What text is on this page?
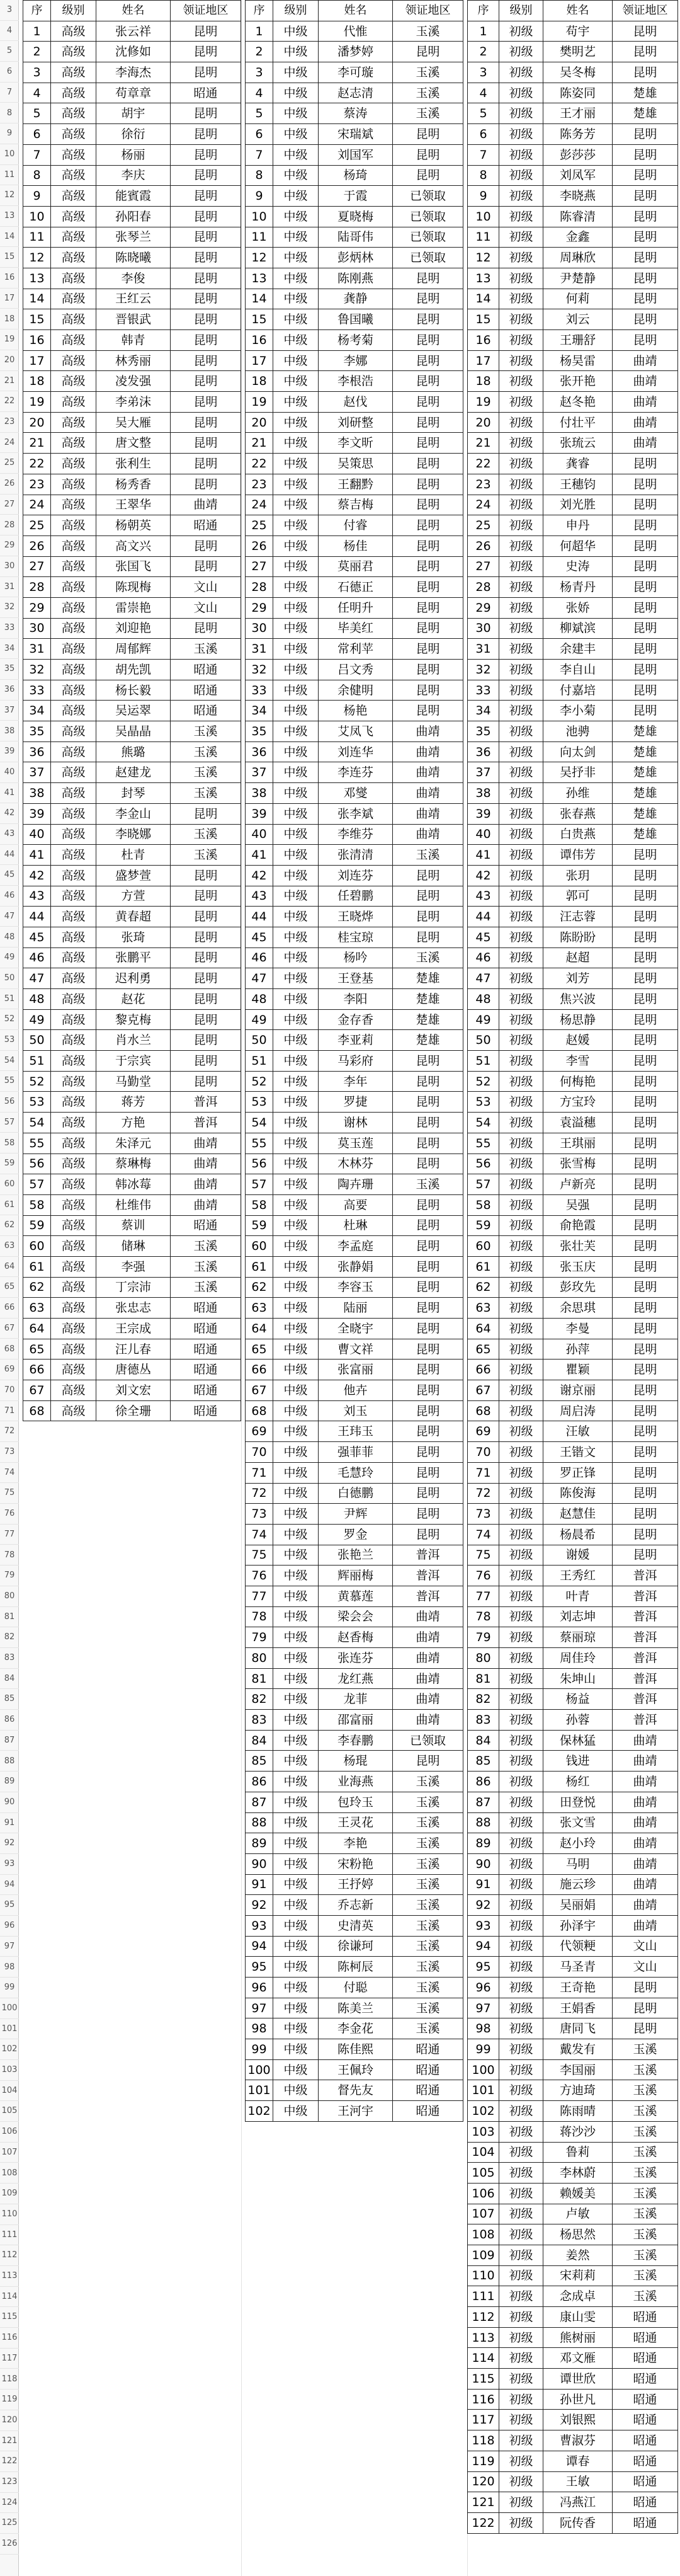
3
4
5
6
7
8
9
10
11
12
13
14
15
16
17
18
19
20
21
22
23
24
25
26
27
28
29
30
31
32
33
34
35
36
37
38
39
40
41
42
43
44
45
46
47
48
49
50
51
52
53
54
55
56
57
58
59
60
61
62
63
64
65
66
67
68
69
70
71
72
73
74
75
76
77
78
79
80
81
82
83
84
85
86
87
88
89
90
91
92
93
94
95
96
97
98
99
100
101
102
103
104
105
106
107
108
109
110
111
112
113
114
115
116
117
118
119
120
121
122
123
124
125
126
序	级别	姓名	领证地区
1	高级	张云祥	昆明
2	高级	沈修如	昆明
3	高级	李海杰	昆明
4	高级	苟章章	昭通
5	高级	胡宇	昆明
6	高级	徐衍	昆明
7	高级	杨丽	昆明
8	高级	李庆	昆明
9	高级	能賓霞	昆明
10	高级	孙阳春	昆明
11	高级	张琴兰	昆明
12	高级	陈晓曦	昆明
13	高级	李俊	昆明
14	高级	王红云	昆明
15	高级	晋银武	昆明
16	高级	韩青	昆明
17	高级	林秀丽	昆明
18	高级	凌发强	昆明
19	高级	李弟沫	昆明
20	高级	吴大雁	昆明
21	高级	唐文整	昆明
22	高级	张利生	昆明
23	高级	杨秀香	昆明
24	高级	王翠华	曲靖
25	高级	杨朝英	昭通
26	高级	高文兴	昆明
27	高级	张国飞	昆明
28	高级	陈现梅	文山
29	高级	雷崇艳	文山
30	高级	刘迎艳	昆明
31	高级	周郁辉	玉溪
32	高级	胡先凯	昭通
33	高级	杨长毅	昭通
34	高级	吴运翠	昭通
35	高级	吴晶晶	玉溪
36	高级	熊璐	玉溪
37	高级	赵建龙	玉溪
38	高级	封琴	玉溪
39	高级	李金山	昆明
40	高级	李晓娜	玉溪
41	高级	杜青	玉溪
42	高级	盛梦萱	昆明
43	高级	方萱	昆明
44	高级	黄春超	昆明
45	高级	张琦	昆明
46	高级	张鹏平	昆明
47	高级	迟利勇	昆明
48	高级	赵花	昆明
49	高级	黎克梅	昆明
50	高级	肖水兰	昆明
51	高级	于宗宾	昆明
52	高级	马勤堂	昆明
53	高级	蒋芳	普洱
54	高级	方艳	普洱
55	高级	朱泽元	曲靖
56	高级	蔡琳梅	曲靖
57	高级	韩冰莓	曲靖
58	高级	杜维伟	曲靖
59	高级	蔡训	昭通
60	高级	储琳	玉溪
61	高级	李强	玉溪
62	高级	丁宗沛	玉溪
63	高级	张忠志	昭通
64	高级	王宗成	昭通
65	高级	汪儿春	昭通
66	高级	唐德丛	昭通
67	高级	刘文宏	昭通
68	高级	徐全珊	昭通
序	级别	姓名	领证地区
1	中级	代惟	玉溪
2	中级	潘梦婷	昆明
3	中级	李可璇	玉溪
4	中级	赵志清	玉溪
5	中级	蔡涛	玉溪
6	中级	宋瑞斌	昆明
7	中级	刘国军	昆明
8	中级	杨琦	昆明
9	中级	于霞	已领取
10	中级	夏晓梅	已领取
11	中级	陆哥伟	已领取
12	中级	彭炳林	已领取
13	中级	陈刚燕	昆明
14	中级	龚静	昆明
15	中级	鲁国曦	昆明
16	中级	杨考菊	昆明
17	中级	李娜	昆明
18	中级	李根浩	昆明
19	中级	赵伐	昆明
20	中级	刘研整	昆明
21	中级	李文昕	昆明
22	中级	吴策思	昆明
23	中级	王翻黔	昆明
24	中级	蔡吉梅	昆明
25	中级	付睿	昆明
26	中级	杨佳	昆明
27	中级	莫丽君	昆明
28	中级	石德正	昆明
29	中级	任明升	昆明
30	中级	毕美红	昆明
31	中级	常利苹	昆明
32	中级	吕文秀	昆明
33	中级	余健明	昆明
34	中级	杨艳	昆明
35	中级	艾凤飞	曲靖
36	中级	刘连华	曲靖
37	中级	李连芬	曲靖
38	中级	邓燮	曲靖
39	中级	张李斌	曲靖
40	中级	李维芬	曲靖
41	中级	张清清	玉溪
42	中级	刘连芬	昆明
43	中级	任碧鹏	昆明
44	中级	王晓烨	昆明
45	中级	桂宝琼	昆明
46	中级	杨吟	玉溪
47	中级	王登基	楚雄
48	中级	李阳	楚雄
49	中级	金存香	楚雄
50	中级	李亚莉	楚雄
51	中级	马彩府	昆明
52	中级	李年	昆明
53	中级	罗捷	昆明
54	中级	谢林	昆明
55	中级	莫玉莲	昆明
56	中级	木林芬	昆明
57	中级	陶卉珊	玉溪
58	中级	高要	昆明
59	中级	杜琳	昆明
60	中级	李孟庭	昆明
61	中级	张静娟	昆明
62	中级	李容玉	昆明
63	中级	陆丽	昆明
64	中级	全晓宇	昆明
65	中级	曹文祥	昆明
66	中级	张富丽	昆明
67	中级	他卉	昆明
68	中级	刘玉	昆明
69	中级	王玮玉	昆明
70	中级	强菲菲	昆明
71	中级	毛慧玲	昆明
72	中级	白德鹏	昆明
73	中级	尹辉	昆明
74	中级	罗金	昆明
75	中级	张艳兰	普洱
76	中级	辉丽梅	普洱
77	中级	黄慕莲	普洱
78	中级	梁会会	曲靖
79	中级	赵香梅	曲靖
80	中级	张连芬	曲靖
81	中级	龙红燕	曲靖
82	中级	龙菲	曲靖
83	中级	邵富丽	曲靖
84	中级	李春鹏	已领取
85	中级	杨琨	昆明
86	中级	业海燕	玉溪
87	中级	包玲玉	玉溪
88	中级	王灵花	玉溪
89	中级	李艳	玉溪
90	中级	宋粉艳	玉溪
91	中级	王抒婷	玉溪
92	中级	乔志新	玉溪
93	中级	史清英	玉溪
94	中级	徐谦珂	玉溪
95	中级	陈柯辰	玉溪
96	中级	付聪	玉溪
97	中级	陈美兰	玉溪
98	中级	李金花	玉溪
99	中级	陈佳熙	昭通
100	中级	王佩玲	昭通
101	中级	督先友	昭通
102	中级	王河宇	昭通
序	级别	姓名	领证地区
1	初级	苟宇	昆明
2	初级	樊明艺	昆明
3	初级	吴冬梅	昆明
4	初级	陈姿同	楚雄
5	初级	王才丽	楚雄
6	初级	陈务芳	昆明
7	初级	彭莎莎	昆明
8	初级	刘凤军	昆明
9	初级	李晓燕	昆明
10	初级	陈睿清	昆明
11	初级	金鑫	昆明
12	初级	周琳欣	昆明
13	初级	尹楚静	昆明
14	初级	何莉	昆明
15	初级	刘云	昆明
16	初级	王珊舒	昆明
17	初级	杨昊雷	曲靖
18	初级	张开艳	曲靖
19	初级	赵冬艳	曲靖
20	初级	付壮平	曲靖
21	初级	张琉云	曲靖
22	初级	龚睿	昆明
23	初级	王穗钧	昆明
24	初级	刘光胜	昆明
25	初级	申丹	昆明
26	初级	何超华	昆明
27	初级	史涛	昆明
28	初级	杨青丹	昆明
29	初级	张娇	昆明
30	初级	柳斌滨	昆明
31	初级	余建丰	昆明
32	初级	李自山	昆明
33	初级	付嘉培	昆明
34	初级	李小菊	昆明
35	初级	池骋	楚雄
36	初级	向太剑	楚雄
37	初级	吴抒非	楚雄
38	初级	孙维	楚雄
39	初级	张春燕	楚雄
40	初级	白贵燕	楚雄
41	初级	谭伟芳	昆明
42	初级	张玥	昆明
43	初级	郭可	昆明
44	初级	汪志蓉	昆明
45	初级	陈盼盼	昆明
46	初级	赵超	昆明
47	初级	刘芳	昆明
48	初级	焦兴波	昆明
49	初级	杨思静	昆明
50	初级	赵媛	昆明
51	初级	李雪	昆明
52	初级	何梅艳	昆明
53	初级	方宝玲	昆明
54	初级	袁溢穗	昆明
55	初级	王琪丽	昆明
56	初级	张雪梅	昆明
57	初级	卢新亮	昆明
58	初级	吴强	昆明
59	初级	俞艳霞	昆明
60	初级	张壮芙	昆明
61	初级	张玉庆	昆明
62	初级	彭玫先	昆明
63	初级	余思琪	昆明
64	初级	李曼	昆明
65	初级	孙萍	昆明
66	初级	瞿颖	昆明
67	初级	谢京丽	昆明
68	初级	周启涛	昆明
69	初级	汪敏	昆明
70	初级	王锴文	昆明
71	初级	罗正锋	昆明
72	初级	陈俊海	昆明
73	初级	赵慧佳	昆明
74	初级	杨晨希	昆明
75	初级	谢媛	昆明
76	初级	王秀红	普洱
77	初级	叶青	普洱
78	初级	刘志坤	普洱
79	初级	蔡丽琼	普洱
80	初级	周佳玲	普洱
81	初级	朱坤山	普洱
82	初级	杨益	普洱
83	初级	孙蓉	普洱
84	初级	保林猛	曲靖
85	初级	钱进	曲靖
86	初级	杨红	曲靖
87	初级	田登悦	曲靖
88	初级	张文雪	曲靖
89	初级	赵小玲	曲靖
90	初级	马明	曲靖
91	初级	施云珍	曲靖
92	初级	吴丽娟	曲靖
93	初级	孙泽宇	曲靖
94	初级	代领粳	文山
95	初级	马圣青	文山
96	初级	王奇艳	昆明
97	初级	王娟香	昆明
98	初级	唐同飞	昆明
99	初级	戴发有	玉溪
100	初级	李国丽	玉溪
101	初级	方迪琦	玉溪
102	初级	陈雨晴	玉溪
103	初级	蒋沙沙	玉溪
104	初级	鲁莉	玉溪
105	初级	李林蔚	玉溪
106	初级	赖媛美	玉溪
107	初级	卢敏	玉溪
108	初级	杨思然	玉溪
109	初级	姜然	玉溪
110	初级	宋莉莉	玉溪
111	初级	念成卓	玉溪
112	初级	康山雯	昭通
113	初级	熊树丽	昭通
114	初级	邓文雁	昭通
115	初级	谭世欣	昭通
116	初级	孙世凡	昭通
117	初级	刘银熙	昭通
118	初级	曹淑芬	昭通
119	初级	谭春	昭通
120	初级	王敏	昭通
121	初级	冯燕江	昭通
122	初级	阮传香	昭通
